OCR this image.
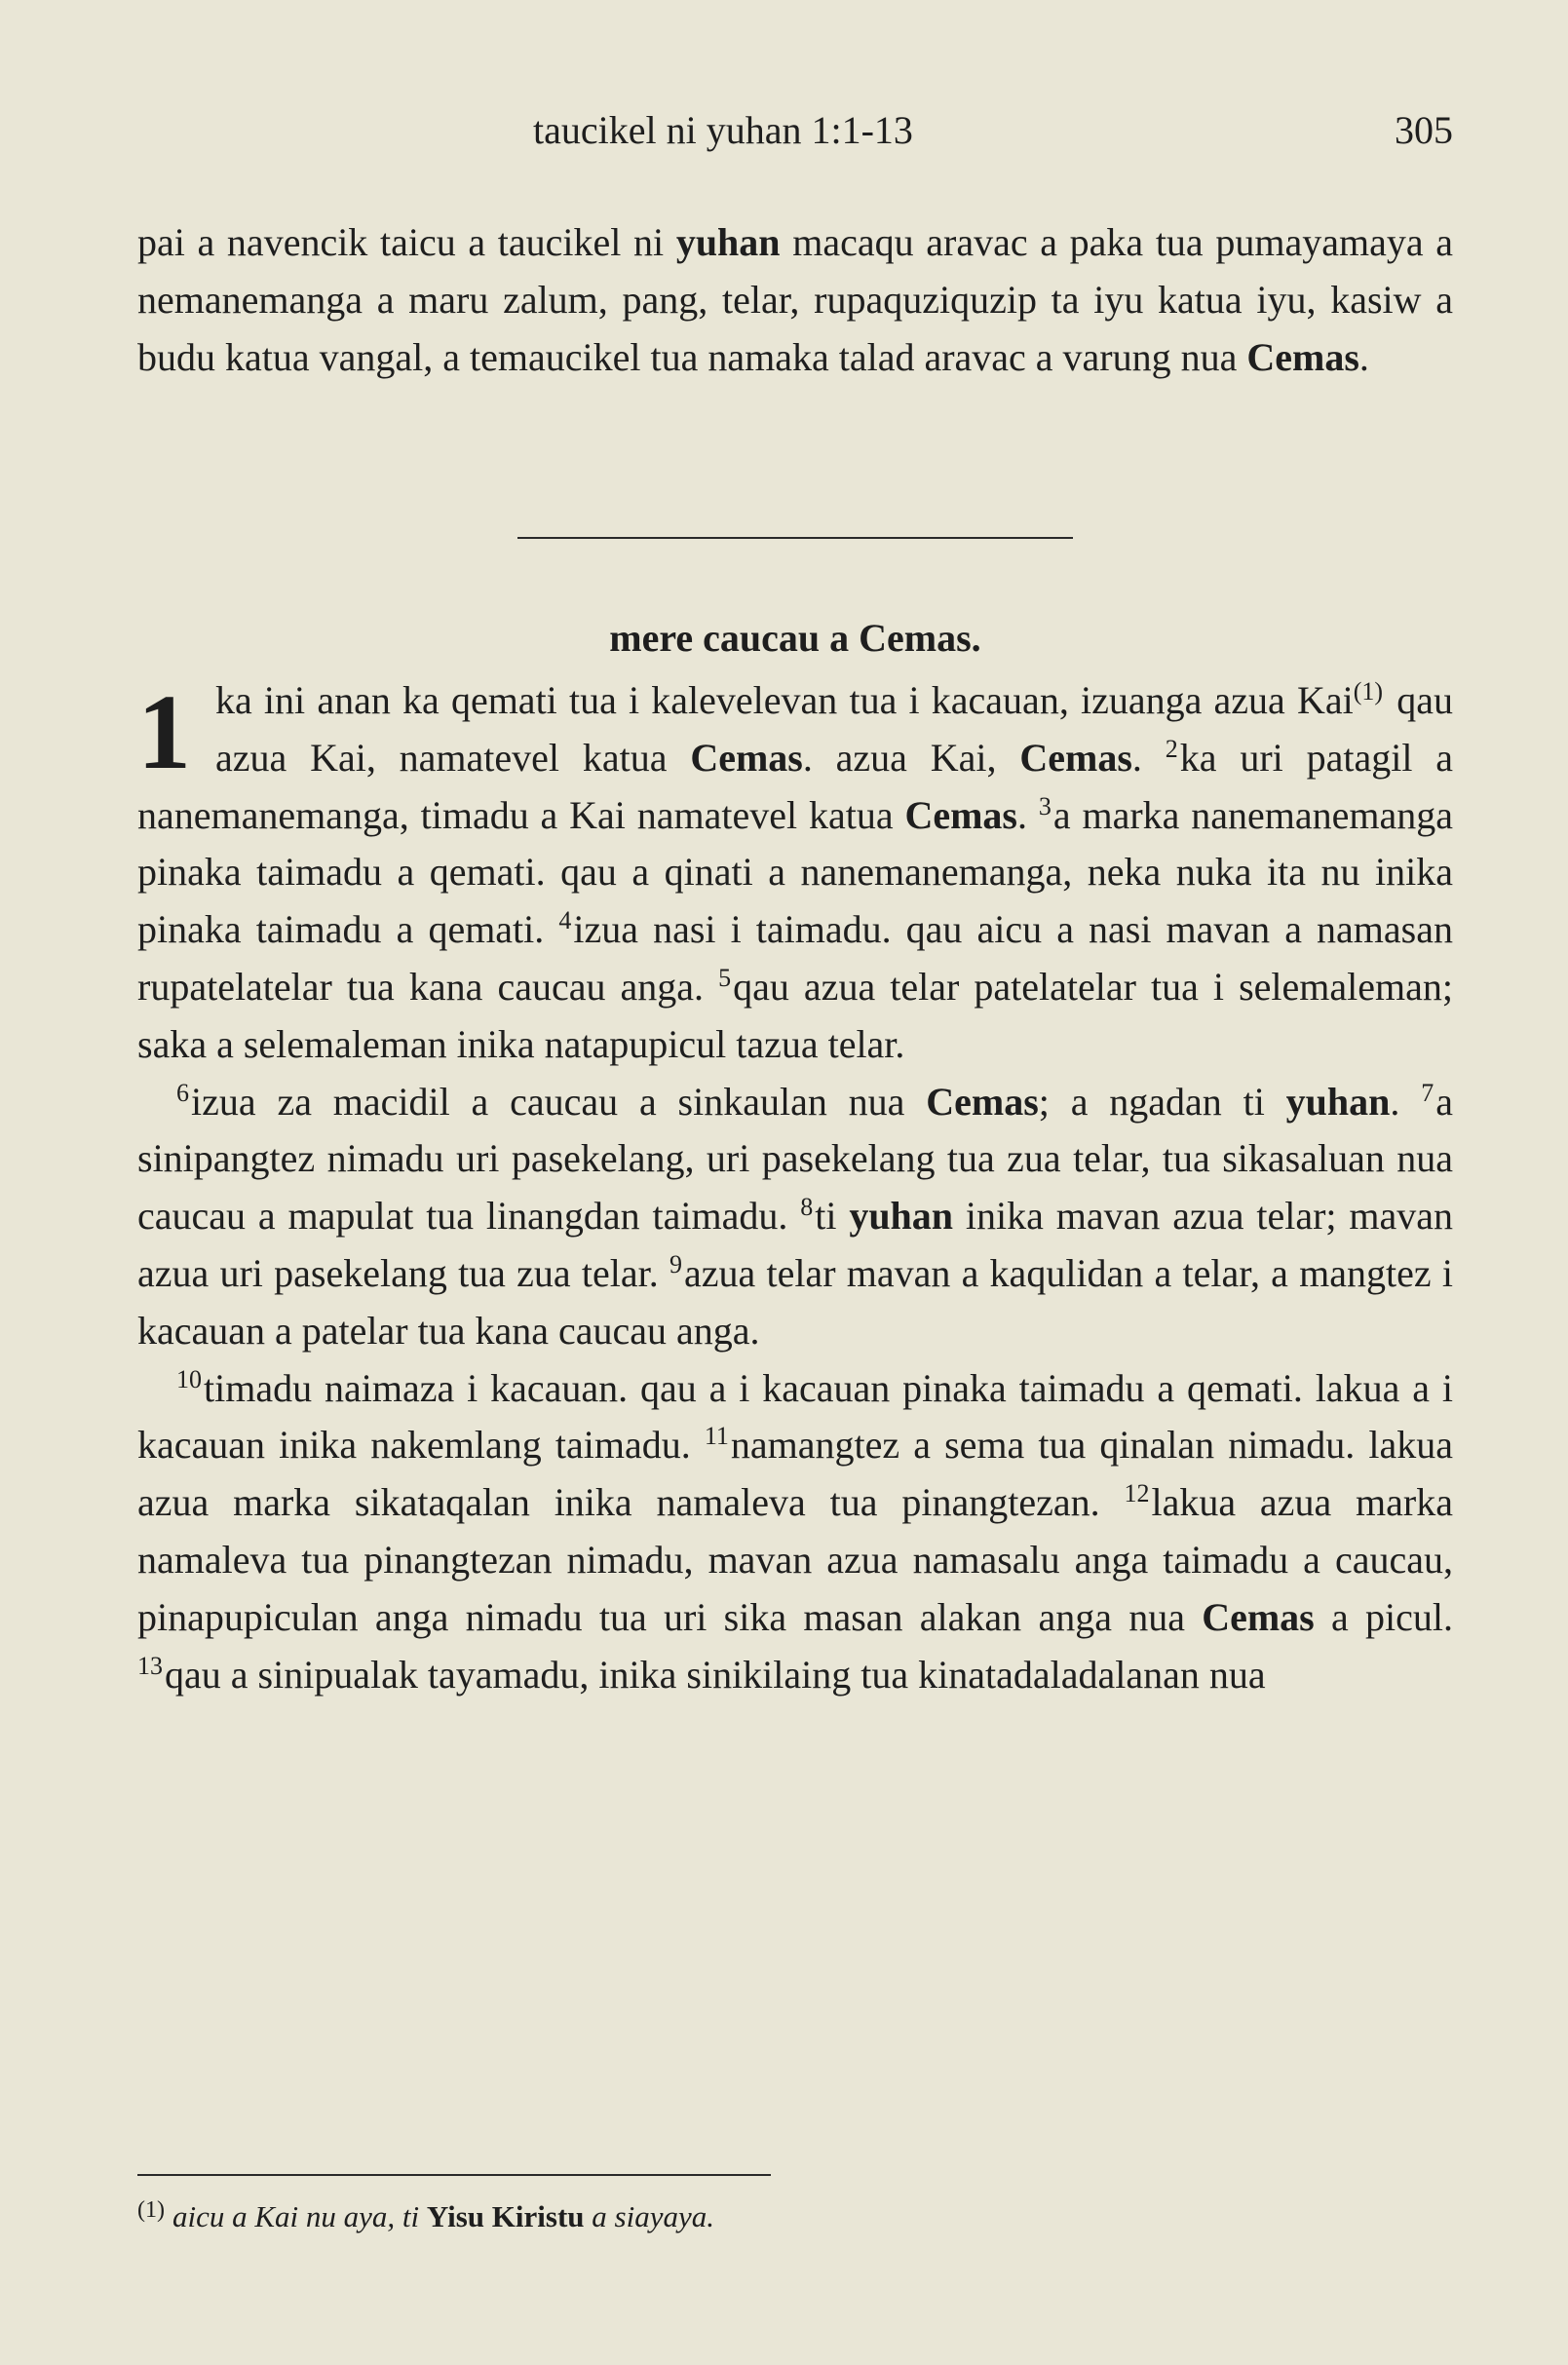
taucikel ni yuhan 1:1-13	305
pai a navencik taicu a taucikel ni yuhan macaqu aravac a paka tua pumayamaya a nemanemanga a maru zalum, pang, telar, rupaquziquzip ta iyu katua iyu, kasiw a budu katua vangal, a temaucikel tua namaka talad aravac a varung nua Cemas.
mere caucau a Cemas.

1 ka ini anan ka qemati tua i kalevelevan tua i kacauan, izuanga azua Kai$^{(1)}$ qau azua Kai, namatevel katua Cemas. azua Kai, Cemas. $^2$ka uri patagil a nanemanemanga, timadu a Kai namatevel katua Cemas. $^3$a marka nanemanemanga pinaka taimadu a qemati. qau a qinati a nanemanemanga, neka nuka ita nu inika pinaka taimadu a qemati. $^4$izua nasi i taimadu. qau aicu a nasi mavan a namasan rupatelatelar tua kana caucau anga. $^5$qau azua telar patelatelar tua i selemaleman; saka a selemaleman inika natapupicul tazua telar.

$^6$izua za macidil a caucau a sinkaulan nua Cemas; a ngadan ti yuhan. $^7$a sinipangtez nimadu uri pasekelang, uri pasekelang tua zua telar, tua sikasaluan nua caucau a mapulat tua linangdan taimadu. $^8$ti yuhan inika mavan azua telar; mavan azua uri pasekelang tua zua telar. $^9$azua telar mavan a kaqulidan a telar, a mangtez i kacauan a patelar tua kana caucau anga.

$^{10}$timadu naimaza i kacauan. qau a i kacauan pinaka taimadu a qemati. lakua a i kacauan inika nakemlang taimadu. $^{11}$namangtez a sema tua qinalan nimadu. lakua azua marka sikataqalan inika namaleva tua pinangtezan. $^{12}$lakua azua marka namaleva tua pinangtezan nimadu, mavan azua namasalu anga taimadu a caucau, pinapupiculan anga nimadu tua uri sika masan alakan anga nua Cemas a picul. $^{13}$qau a sinipualak tayamadu, inika sinikilaing tua kinatadaladalanan nua

$^{(1)}$ aicu a Kai nu aya, ti Yisu Kiristu a siayaya.
